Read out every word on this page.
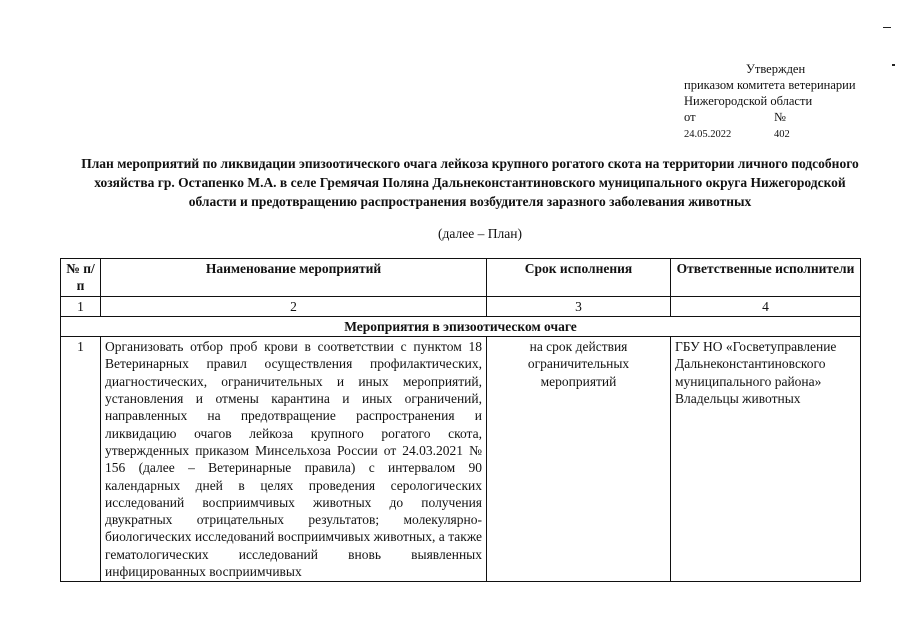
Утвержден
приказом комитета ветеринарии
Нижегородской области
от	№
24.05.2022	402
План мероприятий по ликвидации эпизоотического очага лейкоза крупного рогатого скота на территории личного подсобного хозяйства гр. Остапенко М.А. в селе Гремячая Поляна Дальнеконстантиновского муниципального округа Нижегородской области и предотвращению распространения возбудителя заразного заболевания животных
(далее – План)
№ п/п	Наименование мероприятий	Срок исполнения	Ответственные исполнители
1	2	3	4
Мероприятия в эпизоотическом очаге			
1	Организовать отбор проб крови в соответствии с пунктом 18 Ветеринарных правил осуществления профилактических, диагностических, ограничительных и иных мероприятий, установления и отмены карантина и иных ограничений, направленных на предотвращение распространения и ликвидацию очагов лейкоза крупного рогатого скота, утвержденных приказом Минсельхоза России от 24.03.2021 № 156 (далее – Ветеринарные правила) с интервалом 90 календарных дней в целях проведения серологических исследований восприимчивых животных до получения двукратных отрицательных результатов; молекулярно-биологических исследований восприимчивых животных, а также гематологических исследований вновь выявленных инфицированных восприимчивых	на срок действия ограничительных мероприятий	ГБУ НО «Госветуправление Дальнеконстантиновского муниципального района» Владельцы животных
